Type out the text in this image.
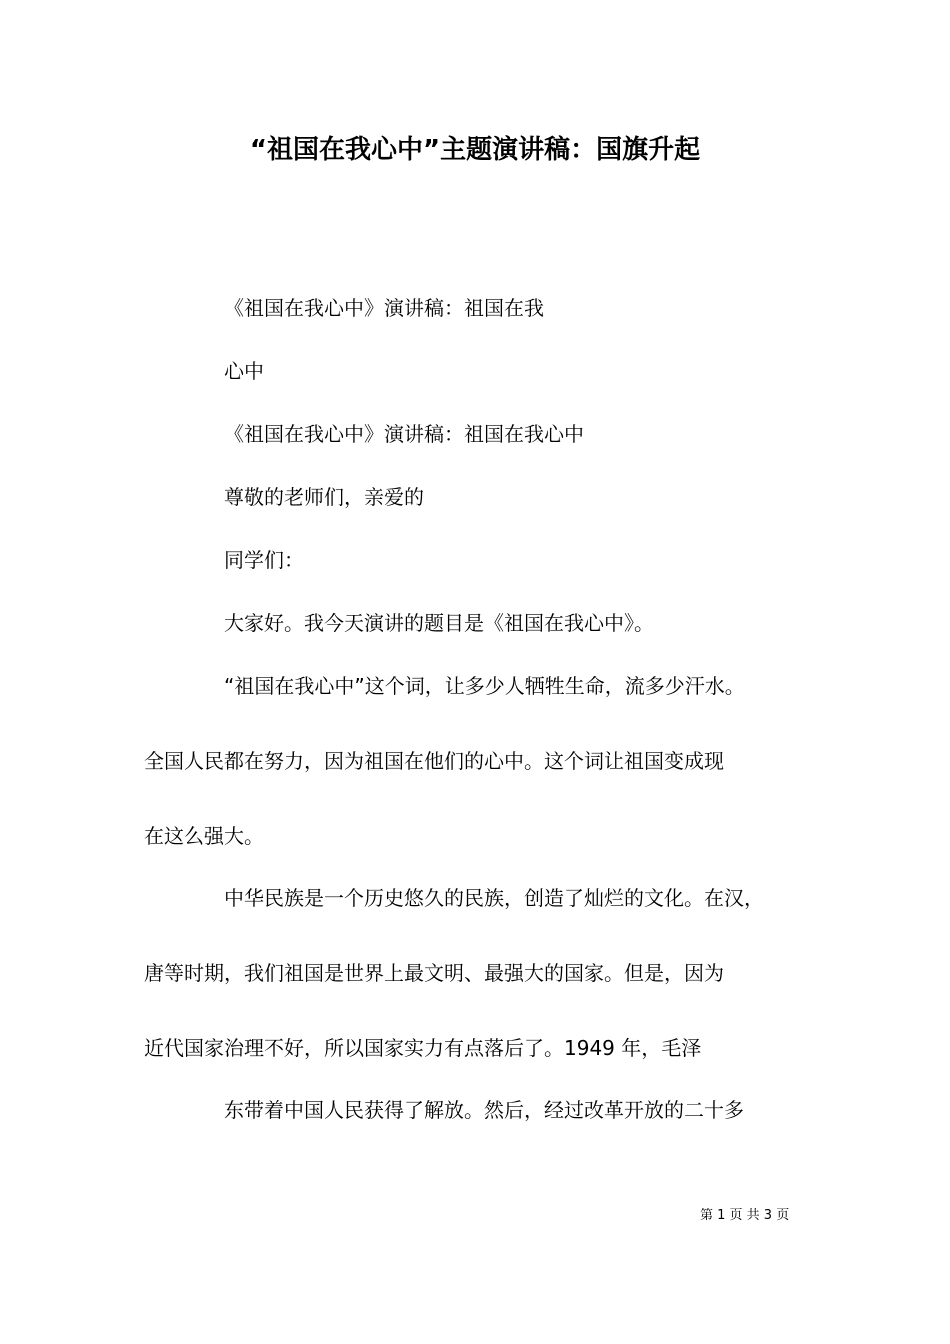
“祖国在我心中”主题演讲稿：国旗升起
《祖国在我心中》演讲稿：祖国在我
心中
《祖国在我心中》演讲稿：祖国在我心中
尊敬的老师们，亲爱的
同学们：
大家好。我今天演讲的题目是《祖国在我心中》。
“祖国在我心中”这个词，让多少人牺牲生命，流多少汗水。
全国人民都在努力，因为祖国在他们的心中。这个词让祖国变成现
在这么强大。
中华民族是一个历史悠久的民族，创造了灿烂的文化。在汉，
唐等时期，我们祖国是世界上最文明、最强大的国家。但是，因为
近代国家治理不好，所以国家实力有点落后了。1949 年，毛泽
东带着中国人民获得了解放。然后，经过改革开放的二十多
第 1 页 共 3 页
